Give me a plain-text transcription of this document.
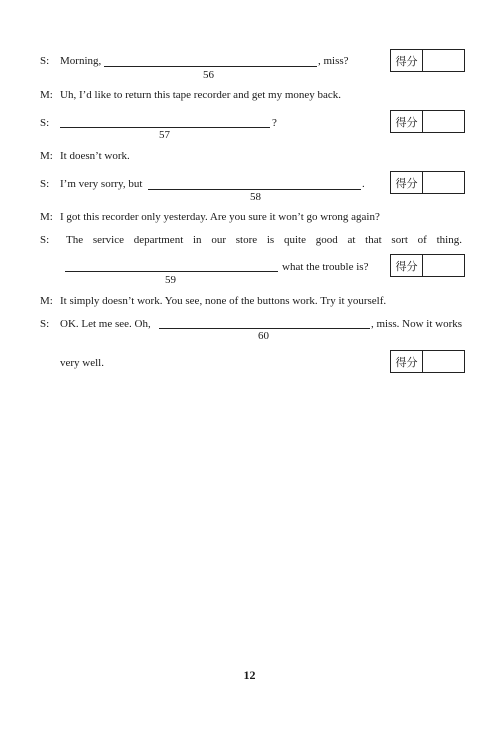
S: Morning,	, miss?
56
得分
M: Uh, I’d like to return this tape recorder and get my money back.
S:	?
57
得分
M: It doesn’t work.
S: I’m very sorry, but	.
58
得分
M: I got this recorder only yesterday. Are you sure it won’t go wrong again?
S: The service department in our store is quite good at that sort of thing.
what the trouble is?
59
得分
M: It simply doesn’t work. You see, none of the buttons work. Try it yourself.
S: OK. Let me see. Oh,	, miss. Now it works
60
very well.	得分
12
